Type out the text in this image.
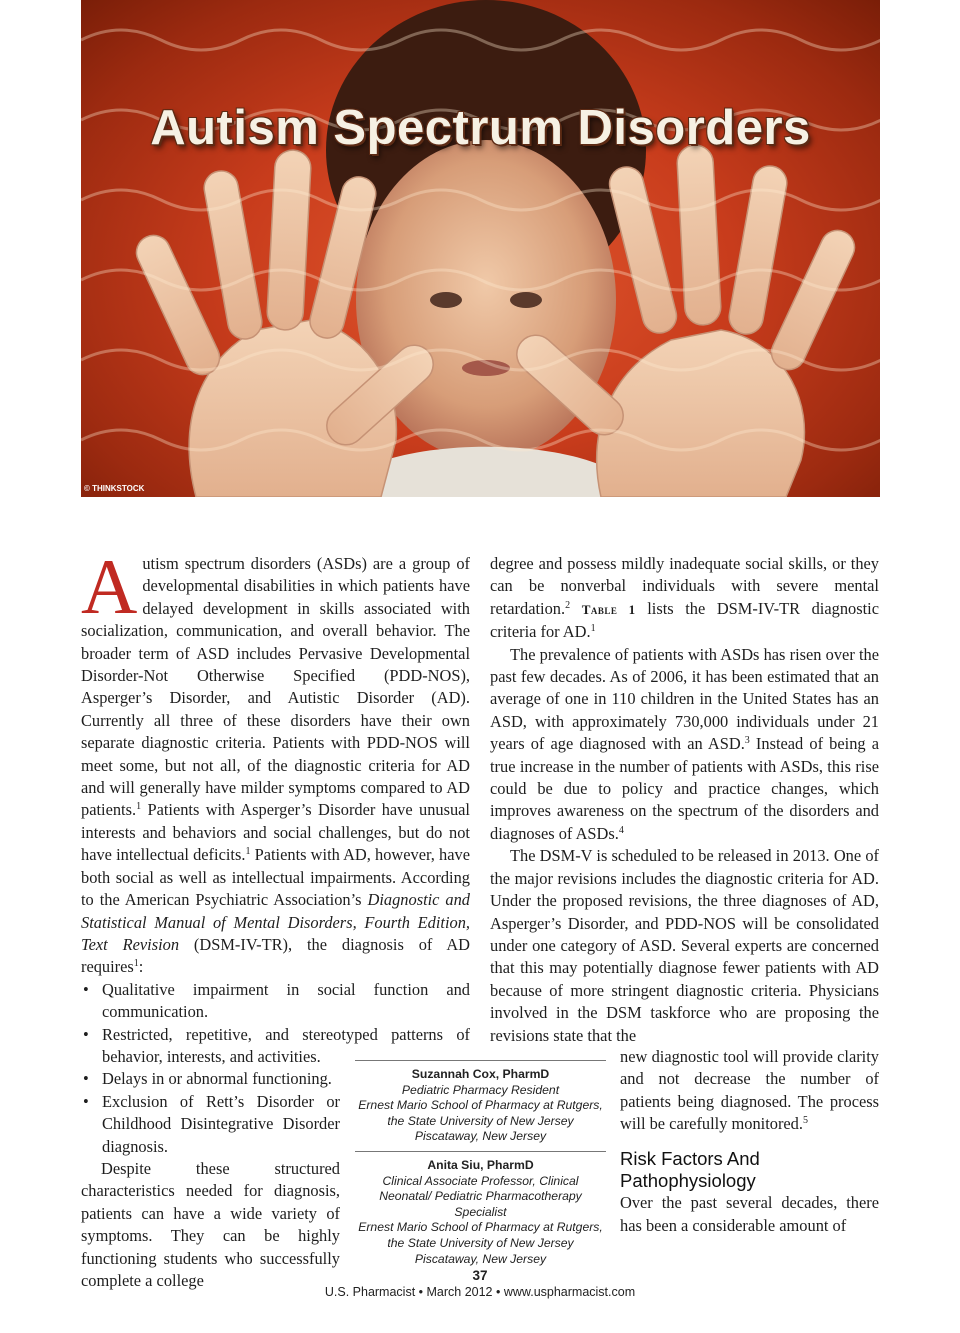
Autism Spectrum Disorders
© THINKSTOCK

Autism spectrum disorders (ASDs) are a group of developmental disabilities in which patients have delayed development in skills associated with socialization, communication, and overall behavior. The broader term of ASD includes Pervasive Developmental Disorder-Not Otherwise Specified (PDD-NOS), Asperger’s Disorder, and Autistic Disorder (AD). Currently all three of these disorders have their own separate diagnostic criteria. Patients with PDD-NOS will meet some, but not all, of the diagnostic criteria for AD and will generally have milder symptoms compared to AD patients.$^1$ Patients with Asperger’s Disorder have unusual interests and behaviors and social challenges, but do not have intellectual deficits.$^1$ Patients with AD, however, have both social as well as intellectual impairments. According to the American Psychiatric Association’s Diagnostic and Statistical Manual of Mental Disorders, Fourth Edition, Text Revision (DSM-IV-TR), the diagnosis of AD requires$^1$:

• Qualitative impairment in social function and communication.
• Restricted, repetitive, and stereotyped patterns of behavior, interests, and activities.
• Delays in or abnormal functioning.
• Exclusion of Rett’s Disorder or Childhood Disintegrative Disorder diagnosis.

Despite these structured characteristics needed for diagnosis, patients can have a wide variety of symptoms. They can be highly functioning students who successfully complete a college

degree and possess mildly inadequate social skills, or they can be nonverbal individuals with severe mental retardation.$^2$ Table 1 lists the DSM-IV-TR diagnostic criteria for AD.$^1$

The prevalence of patients with ASDs has risen over the past few decades. As of 2006, it has been estimated that an average of one in 110 children in the United States has an ASD, with approximately 730,000 individuals under 21 years of age diagnosed with an ASD.$^3$ Instead of being a true increase in the number of patients with ASDs, this rise could be due to policy and practice changes, which improves awareness on the spectrum of the disorders and diagnoses of ASDs.$^4$

The DSM-V is scheduled to be released in 2013. One of the major revisions includes the diagnostic criteria for AD. Under the proposed revisions, the three diagnoses of AD, Asperger’s Disorder, and PDD-NOS will be consolidated under one category of ASD. Several experts are concerned that this may potentially diagnose fewer patients with AD because of more stringent diagnostic criteria. Physicians involved in the DSM taskforce who are proposing the revisions state that the

new diagnostic tool will provide clarity and not decrease the number of patients being diagnosed. The process will be carefully monitored.$^5$

Risk Factors And Pathophysiology

Over the past several decades, there has been a considerable amount of

Suzannah Cox, PharmD
Pediatric Pharmacy Resident
Ernest Mario School of Pharmacy at Rutgers, the State University of New Jersey
Piscataway, New Jersey
Anita Siu, PharmD
Clinical Associate Professor, Clinical Neonatal/ Pediatric Pharmacotherapy Specialist
Ernest Mario School of Pharmacy at Rutgers, the State University of New Jersey
Piscataway, New Jersey
37
U.S. Pharmacist • March 2012 • www.uspharmacist.com
